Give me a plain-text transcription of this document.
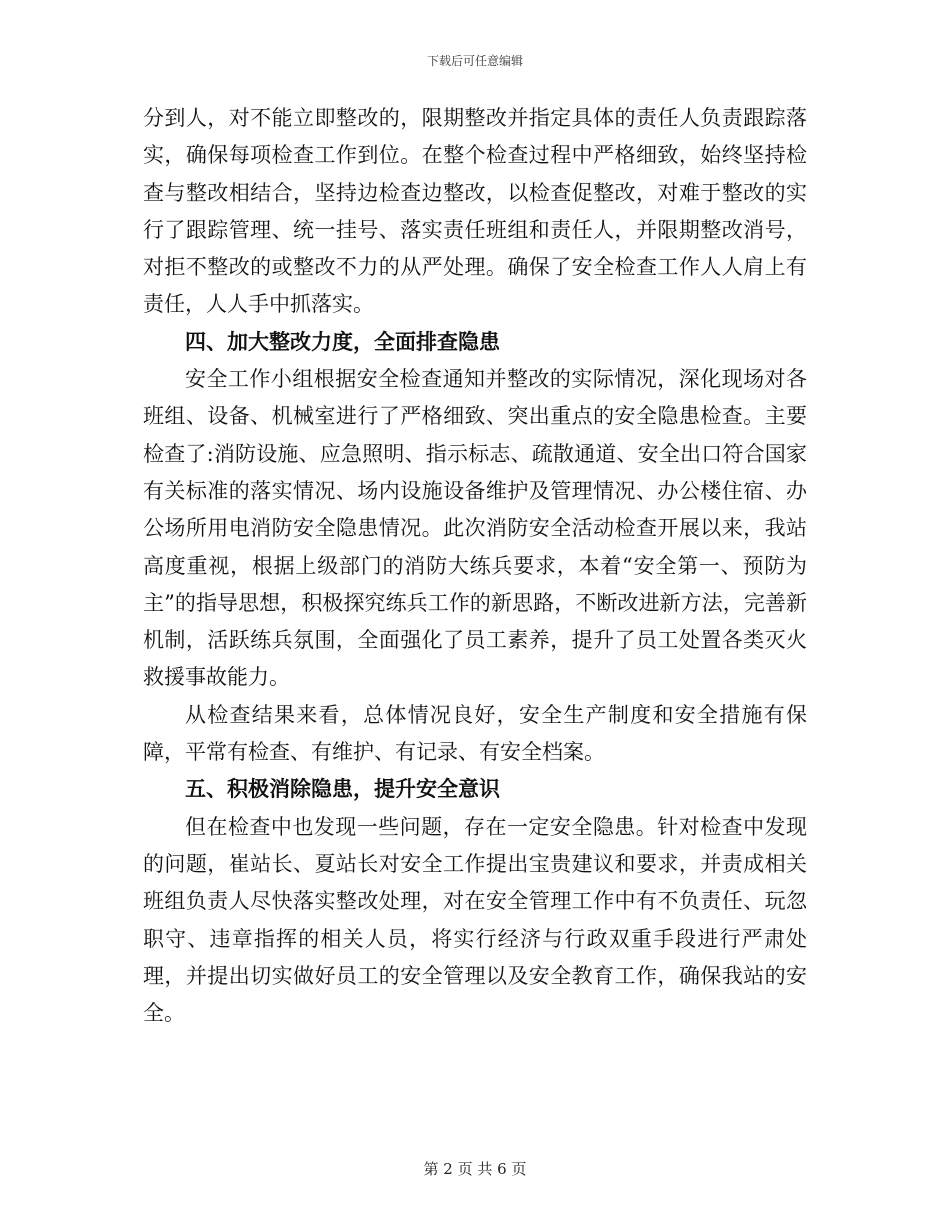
下载后可任意编辑

分到人，对不能立即整改的，限期整改并指定具体的责任人负责跟踪落实，确保每项检查工作到位。在整个检查过程中严格细致，始终坚持检查与整改相结合，坚持边检查边整改，以检查促整改，对难于整改的实行了跟踪管理、统一挂号、落实责任班组和责任人，并限期整改消号，对拒不整改的或整改不力的从严处理。确保了安全检查工作人人肩上有责任，人人手中抓落实。

四、加大整改力度，全面排查隐患

安全工作小组根据安全检查通知并整改的实际情况，深化现场对各班组、设备、机械室进行了严格细致、突出重点的安全隐患检查。主要检查了:消防设施、应急照明、指示标志、疏散通道、安全出口符合国家有关标准的落实情况、场内设施设备维护及管理情况、办公楼住宿、办公场所用电消防安全隐患情况。此次消防安全活动检查开展以来，我站高度重视，根据上级部门的消防大练兵要求，本着“安全第一、预防为主”的指导思想，积极探究练兵工作的新思路，不断改进新方法，完善新机制，活跃练兵氛围，全面强化了员工素养，提升了员工处置各类灭火救援事故能力。

从检查结果来看，总体情况良好，安全生产制度和安全措施有保障，平常有检查、有维护、有记录、有安全档案。

五、积极消除隐患，提升安全意识

但在检查中也发现一些问题，存在一定安全隐患。针对检查中发现的问题，崔站长、夏站长对安全工作提出宝贵建议和要求，并责成相关班组负责人尽快落实整改处理，对在安全管理工作中有不负责任、玩忽职守、违章指挥的相关人员，将实行经济与行政双重手段进行严肃处理，并提出切实做好员工的安全管理以及安全教育工作，确保我站的安全。

第 2 页 共 6 页
